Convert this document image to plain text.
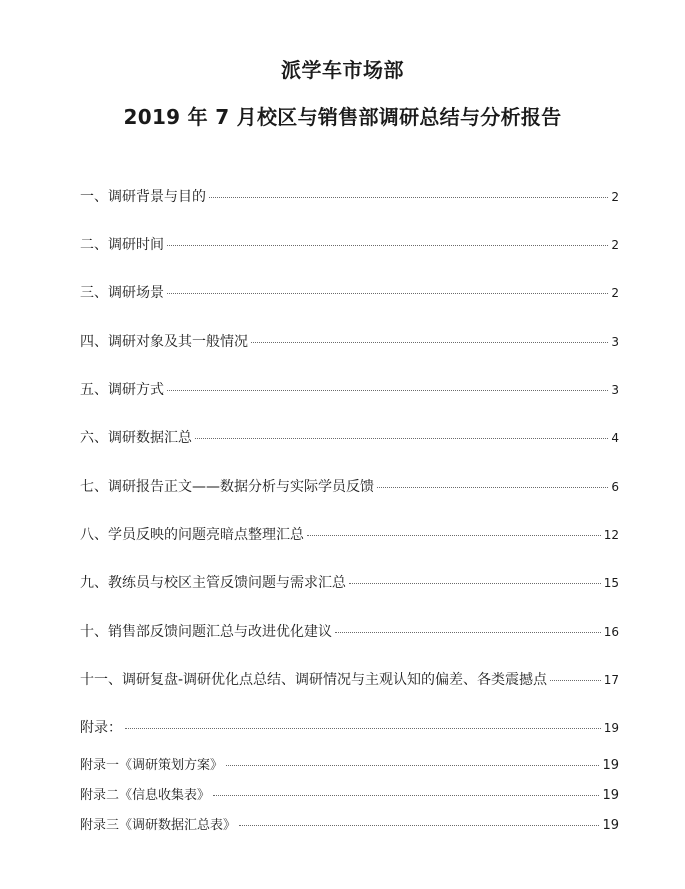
派学车市场部
2019 年 7 月校区与销售部调研总结与分析报告
一、调研背景与目的	2
二、调研时间	2
三、调研场景	2
四、调研对象及其一般情况	3
五、调研方式	3
六、调研数据汇总	4
七、调研报告正文——数据分析与实际学员反馈	6
八、学员反映的问题亮暗点整理汇总	12
九、教练员与校区主管反馈问题与需求汇总	15
十、销售部反馈问题汇总与改进优化建议	16
十一、调研复盘-调研优化点总结、调研情况与主观认知的偏差、各类震撼点	17
附录：	19
附录一《调研策划方案》	19
附录二《信息收集表》	19
附录三《调研数据汇总表》	19
